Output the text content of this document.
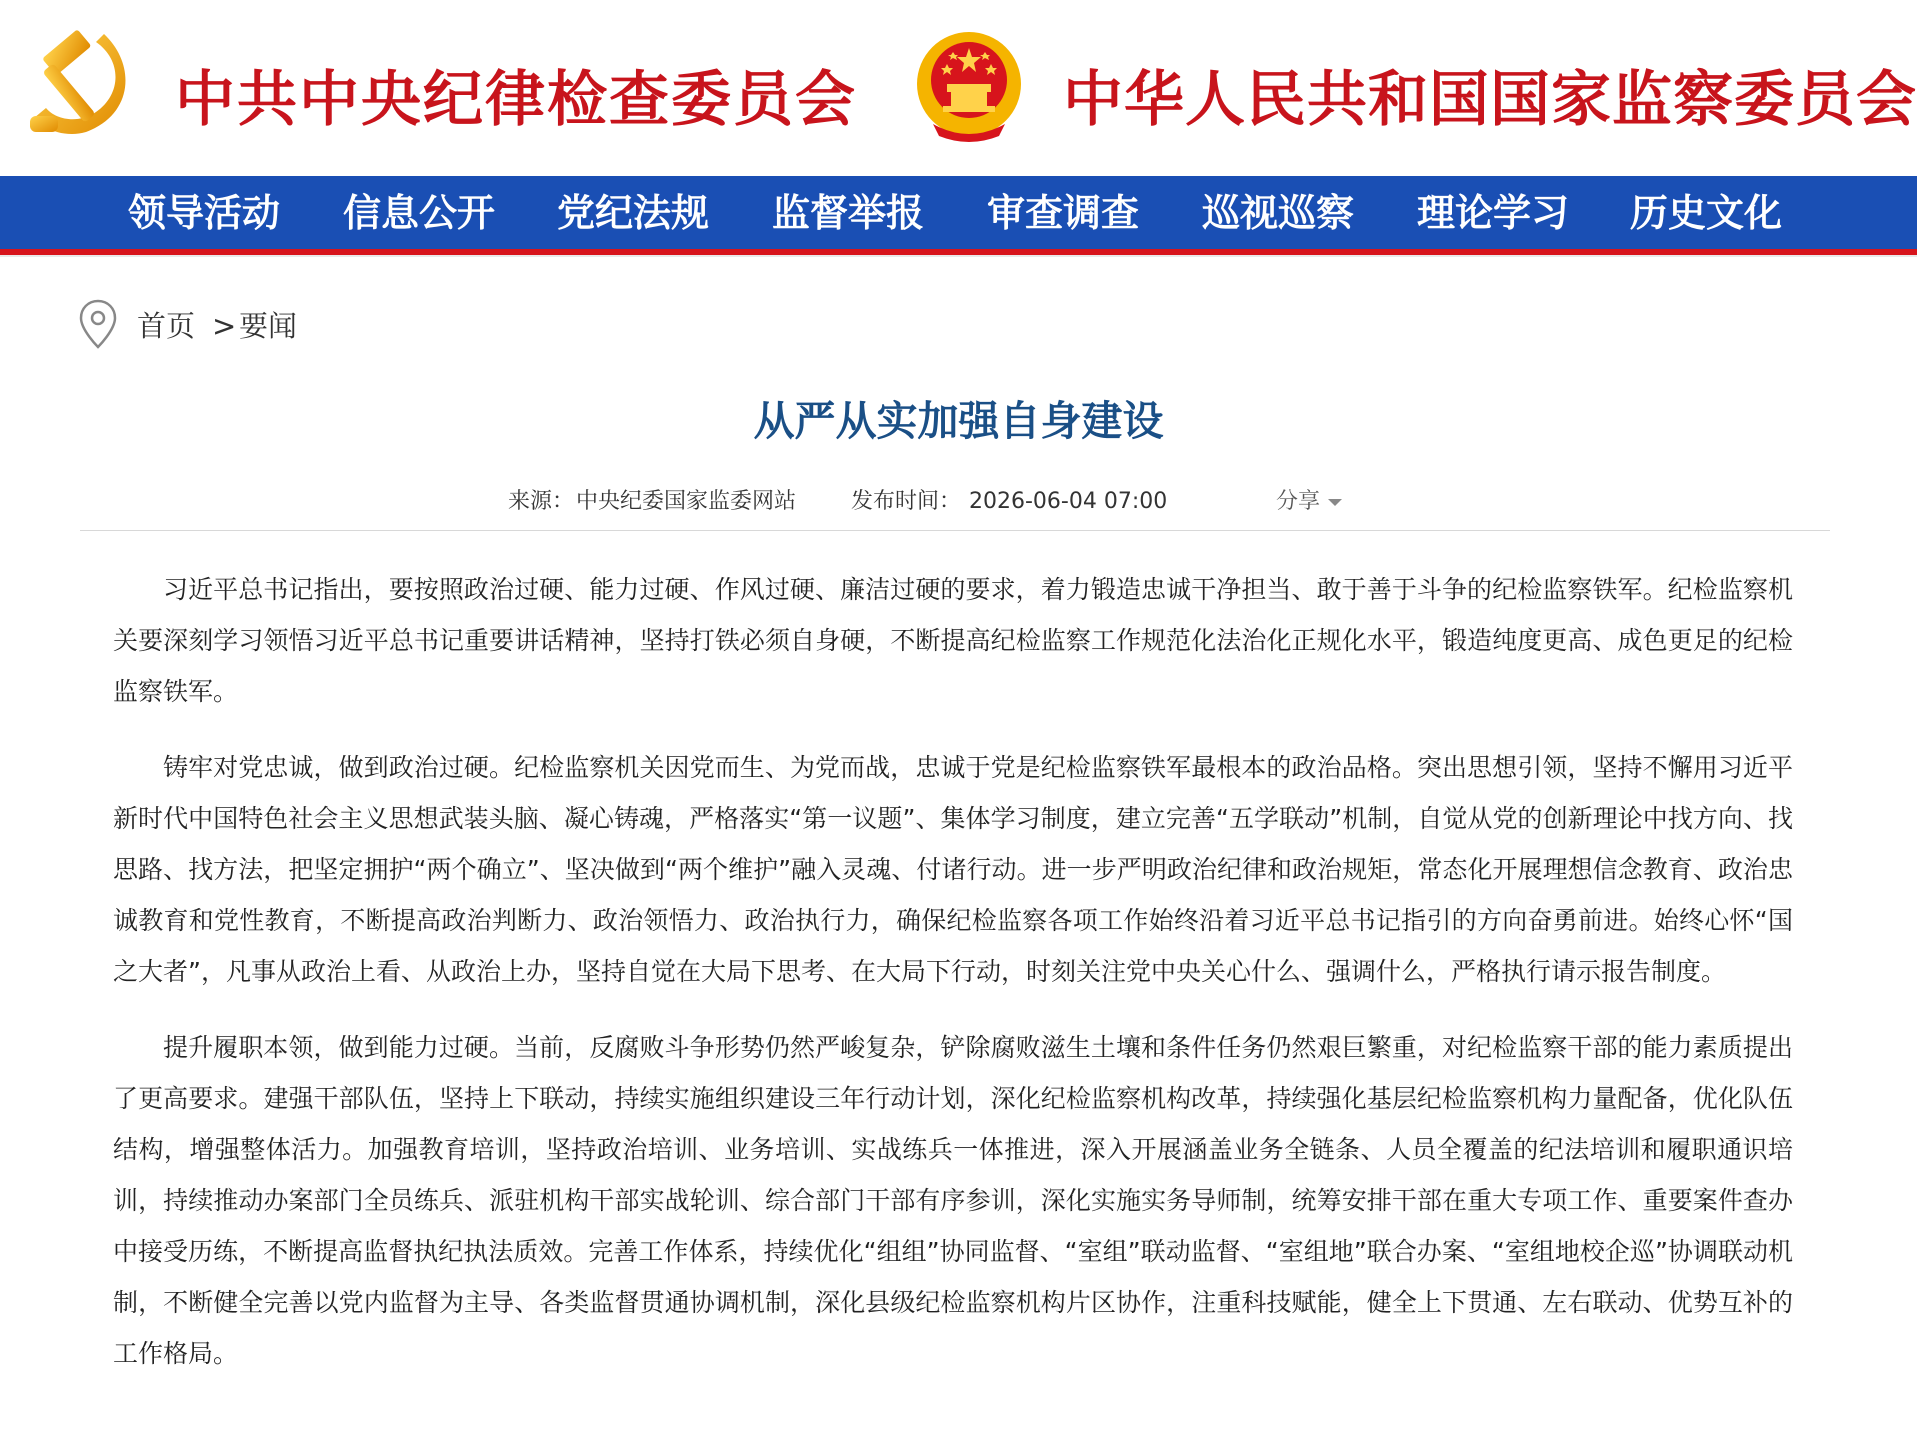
中共中央纪律检查委员会	中华人民共和国国家监察委员会
领导活动 信息公开 党纪法规 监督举报 审查调查 巡视巡察 理论学习 历史文化
首页 > 要闻
从严从实加强自身建设
来源： 中央纪委国家监委网站 发布时间： 2026-06-04 07:00	分享

习近平总书记指出，要按照政治过硬、能力过硬、作风过硬、廉洁过硬的要求，着力锻造忠诚干净担当、敢于善于斗争的纪检监察铁军。纪检监察机关要深刻学习领悟习近平总书记重要讲话精神，坚持打铁必须自身硬，不断提高纪检监察工作规范化法治化正规化水平，锻造纯度更高、成色更足的纪检监察铁军。

铸牢对党忠诚，做到政治过硬。纪检监察机关因党而生、为党而战，忠诚于党是纪检监察铁军最根本的政治品格。突出思想引领，坚持不懈用习近平新时代中国特色社会主义思想武装头脑、凝心铸魂，严格落实“第一议题”、集体学习制度，建立完善“五学联动”机制，自觉从党的创新理论中找方向、找思路、找方法，把坚定拥护“两个确立”、坚决做到“两个维护”融入灵魂、付诸行动。进一步严明政治纪律和政治规矩，常态化开展理想信念教育、政治忠诚教育和党性教育，不断提高政治判断力、政治领悟力、政治执行力，确保纪检监察各项工作始终沿着习近平总书记指引的方向奋勇前进。始终心怀“国之大者”，凡事从政治上看、从政治上办，坚持自觉在大局下思考、在大局下行动，时刻关注党中央关心什么、强调什么，严格执行请示报告制度。

提升履职本领，做到能力过硬。当前，反腐败斗争形势仍然严峻复杂，铲除腐败滋生土壤和条件任务仍然艰巨繁重，对纪检监察干部的能力素质提出了更高要求。建强干部队伍，坚持上下联动，持续实施组织建设三年行动计划，深化纪检监察机构改革，持续强化基层纪检监察机构力量配备，优化队伍结构，增强整体活力。加强教育培训，坚持政治培训、业务培训、实战练兵一体推进，深入开展涵盖业务全链条、人员全覆盖的纪法培训和履职通识培训，持续推动办案部门全员练兵、派驻机构干部实战轮训、综合部门干部有序参训，深化实施实务导师制，统筹安排干部在重大专项工作、重要案件查办中接受历练，不断提高监督执纪执法质效。完善工作体系，持续优化“组组”协同监督、“室组”联动监督、“室组地”联合办案、“室组地校企巡”协调联动机制，不断健全完善以党内监督为主导、各类监督贯通协调机制，深化县级纪检监察机构片区协作，注重科技赋能，健全上下贯通、左右联动、优势互补的工作格局。
